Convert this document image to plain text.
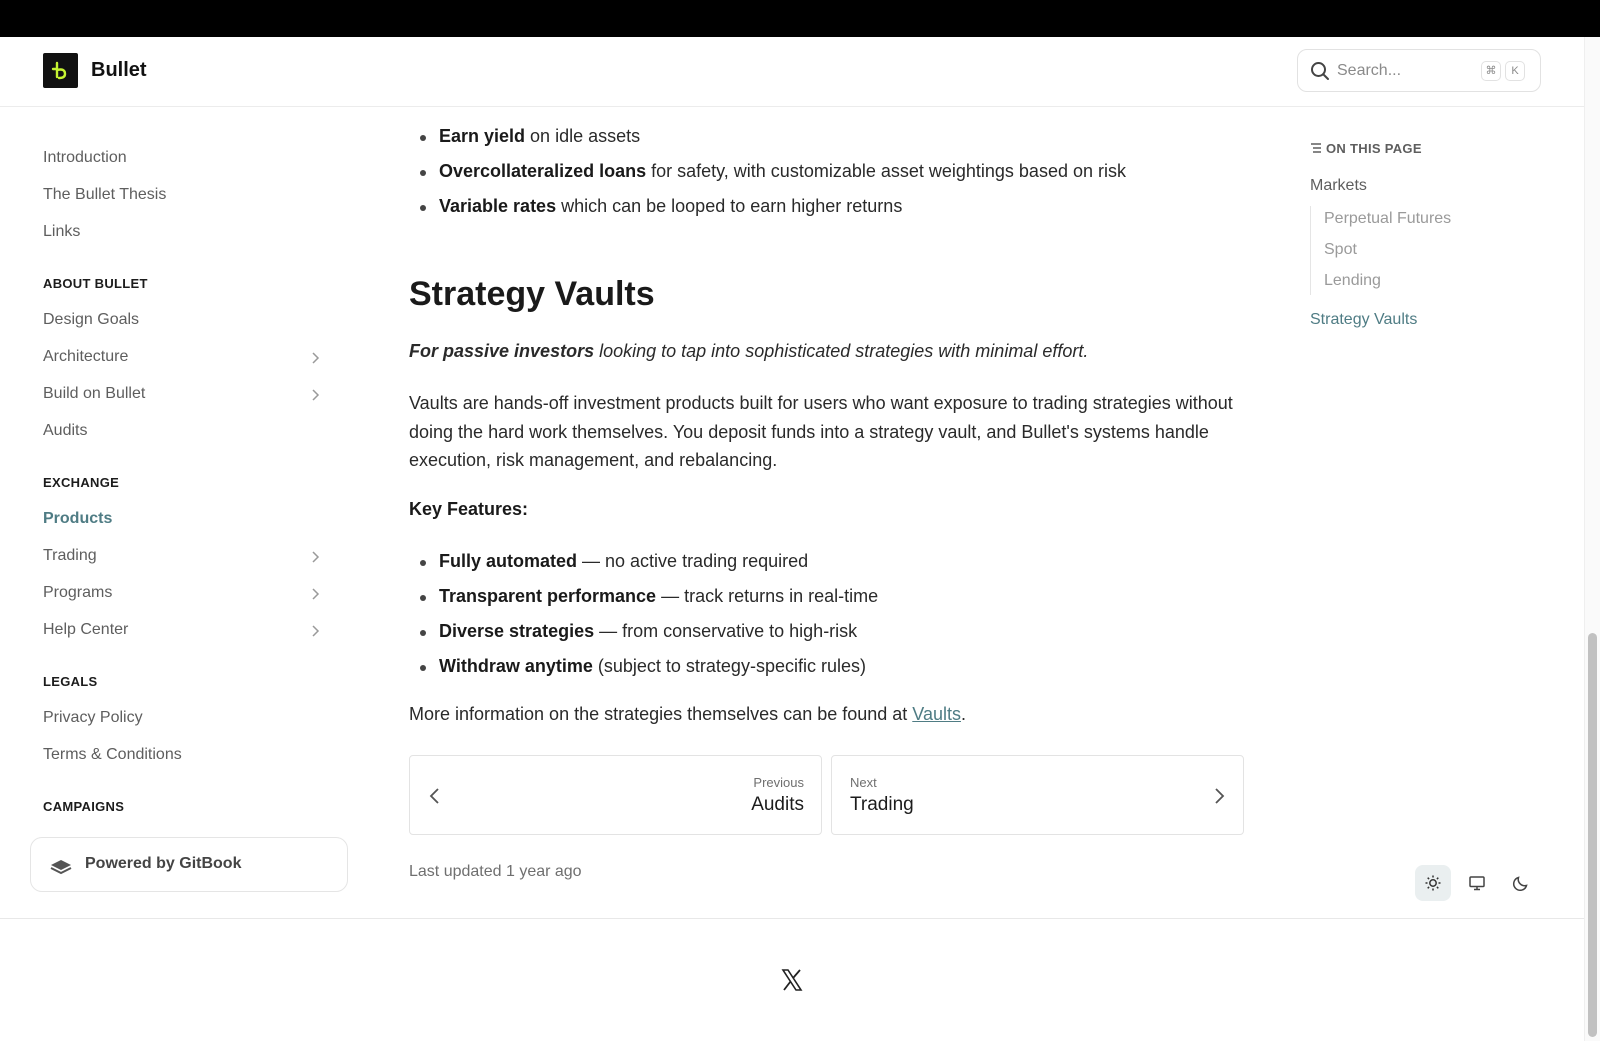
Bullet	Search...	⌘	K
Introduction
The Bullet Thesis
Links
ABOUT BULLET
Design Goals
Architecture
Build on Bullet
Audits
EXCHANGE
Products
Trading
Programs
Help Center
LEGALS
Privacy Policy
Terms & Conditions
CAMPAIGNS
Powered by GitBook
Earn yield on idle assets
Overcollateralized loans for safety, with customizable asset weightings based on risk
Variable rates which can be looped to earn higher returns
Strategy Vaults
For passive investors looking to tap into sophisticated strategies with minimal effort.
Vaults are hands-off investment products built for users who want exposure to trading strategies without doing the hard work themselves. You deposit funds into a strategy vault, and Bullet's systems handle execution, risk management, and rebalancing.
Key Features:
Fully automated — no active trading required
Transparent performance — track returns in real-time
Diverse strategies — from conservative to high-risk
Withdraw anytime (subject to strategy-specific rules)
More information on the strategies themselves can be found at Vaults.
Previous
Audits
Next
Trading
Last updated 1 year ago
ON THIS PAGE
Markets
Perpetual Futures
Spot
Lending
Strategy Vaults
